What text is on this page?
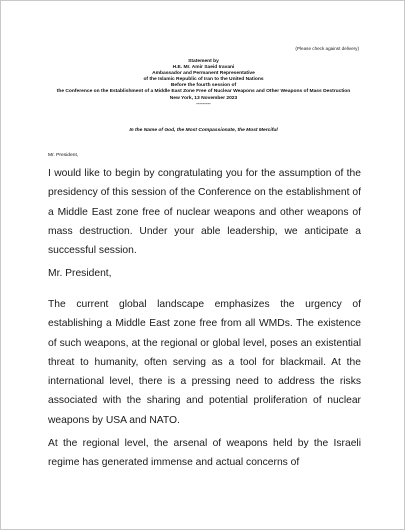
(Please check against delivery)
Statement by
H.E. Mr. Amir Saeid Iravani
Ambassador and Permanent Representative
of the Islamic Republic of Iran to the United Nations
Before the fourth session of
the Conference on the Establishment of a Middle East Zone Free of Nuclear Weapons and Other Weapons of Mass Destruction
New York, 13 November 2023
---------
In the Name of God, the Most Compassionate, the Most Merciful
Mr. President,

I would like to begin by congratulating you for the assumption of the presidency of this session of the Conference on the establishment of a Middle East zone free of nuclear weapons and other weapons of mass destruction. Under your able leadership, we anticipate a successful session.

Mr. President,

The current global landscape emphasizes the urgency of establishing a Middle East zone free from all WMDs. The existence of such weapons, at the regional or global level, poses an existential threat to humanity, often serving as a tool for blackmail. At the international level, there is a pressing need to address the risks associated with the sharing and potential proliferation of nuclear weapons by USA and NATO.

At the regional level, the arsenal of weapons held by the Israeli regime has generated immense and actual concerns of
